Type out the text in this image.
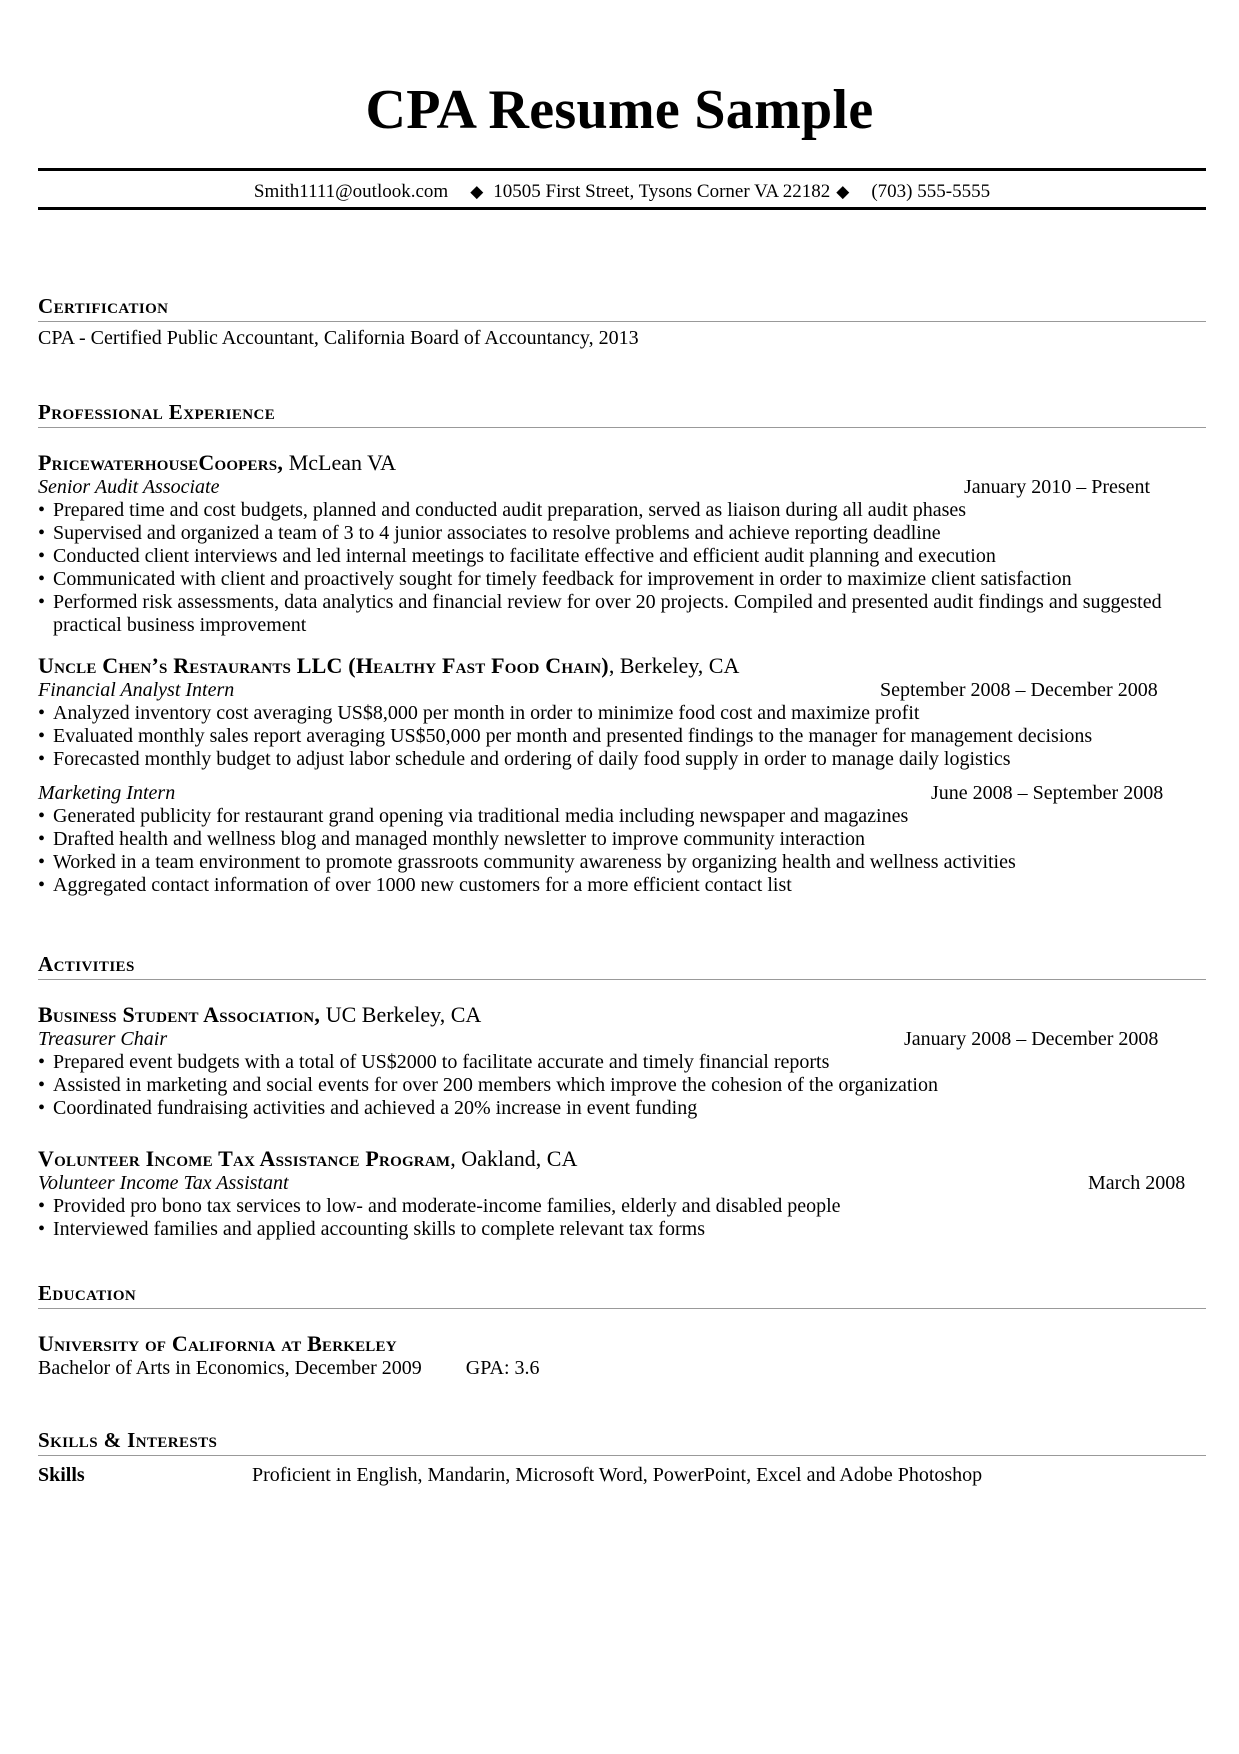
CPA Resume Sample
Smith1111@outlook.com ◆ 10505 First Street, Tysons Corner VA 22182 ◆ (703) 555-5555
Certification
CPA - Certified Public Accountant, California Board of Accountancy, 2013
Professional Experience
PricewaterhouseCoopers, McLean VA
Senior Audit Associate	January 2010 – Present
• Prepared time and cost budgets, planned and conducted audit preparation, served as liaison during all audit phases
• Supervised and organized a team of 3 to 4 junior associates to resolve problems and achieve reporting deadline
• Conducted client interviews and led internal meetings to facilitate effective and efficient audit planning and execution
• Communicated with client and proactively sought for timely feedback for improvement in order to maximize client satisfaction
• Performed risk assessments, data analytics and financial review for over 20 projects. Compiled and presented audit findings and suggested practical business improvement
Uncle Chen’s Restaurants LLC (Healthy Fast Food Chain), Berkeley, CA
Financial Analyst Intern	September 2008 – December 2008
• Analyzed inventory cost averaging US$8,000 per month in order to minimize food cost and maximize profit
• Evaluated monthly sales report averaging US$50,000 per month and presented findings to the manager for management decisions
• Forecasted monthly budget to adjust labor schedule and ordering of daily food supply in order to manage daily logistics
Marketing Intern	June 2008 – September 2008
• Generated publicity for restaurant grand opening via traditional media including newspaper and magazines
• Drafted health and wellness blog and managed monthly newsletter to improve community interaction
• Worked in a team environment to promote grassroots community awareness by organizing health and wellness activities
• Aggregated contact information of over 1000 new customers for a more efficient contact list
Activities
Business Student Association, UC Berkeley, CA
Treasurer Chair	January 2008 – December 2008
• Prepared event budgets with a total of US$2000 to facilitate accurate and timely financial reports
• Assisted in marketing and social events for over 200 members which improve the cohesion of the organization
• Coordinated fundraising activities and achieved a 20% increase in event funding
Volunteer Income Tax Assistance Program, Oakland, CA
Volunteer Income Tax Assistant	March 2008
• Provided pro bono tax services to low- and moderate-income families, elderly and disabled people
• Interviewed families and applied accounting skills to complete relevant tax forms
Education
University of California at Berkeley
Bachelor of Arts in Economics, December 2009 GPA: 3.6
Skills & Interests
Skills	Proficient in English, Mandarin, Microsoft Word, PowerPoint, Excel and Adobe Photoshop
